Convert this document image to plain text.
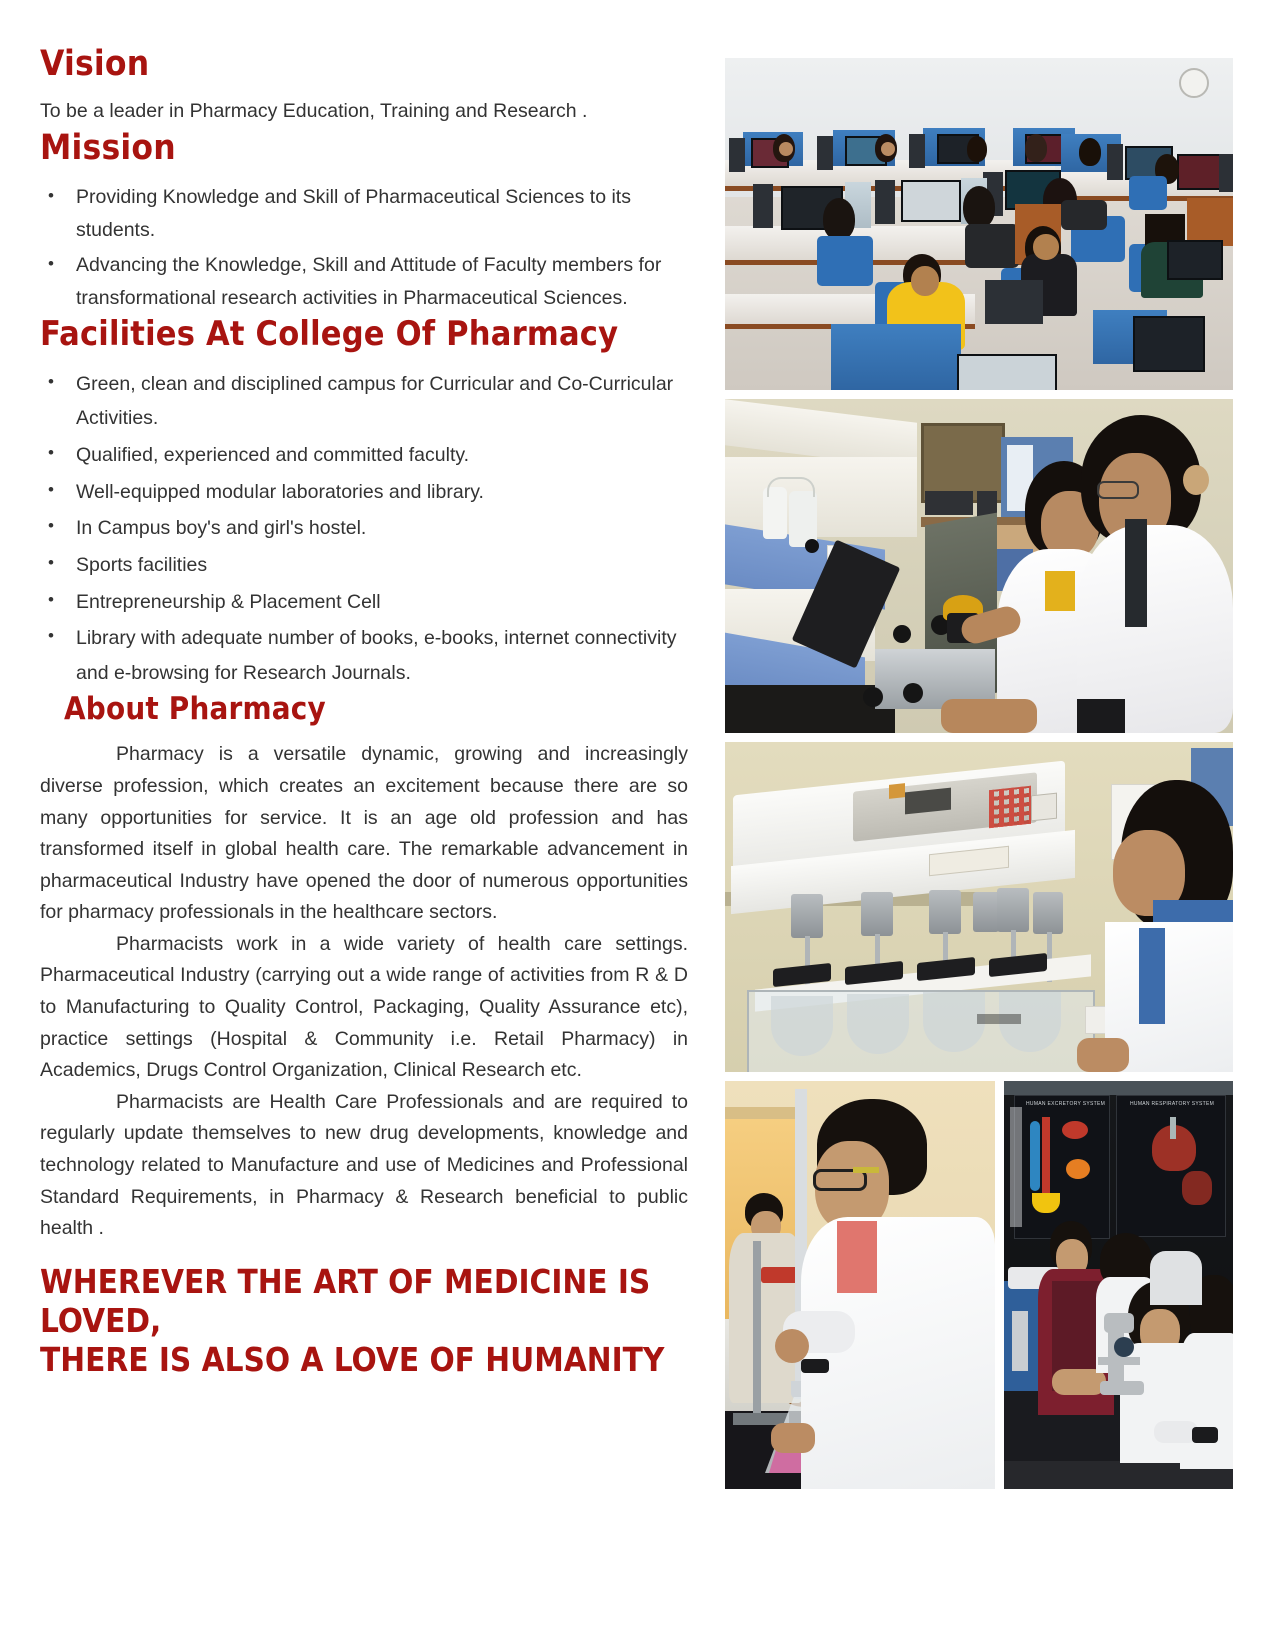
Vision

To be a leader in Pharmacy Education, Training and Research .

Mission
• Providing Knowledge and Skill of Pharmaceutical Sciences to its students.
• Advancing the Knowledge, Skill and Attitude of Faculty members for transformational research activities in Pharmaceutical Sciences.
Facilities At College Of Pharmacy
• Green, clean and disciplined campus for Curricular and Co-Curricular Activities.
• Qualified, experienced and committed faculty.
• Well-equipped modular laboratories and library.
• In Campus boy's and girl's hostel.
• Sports facilities
• Entrepreneurship & Placement Cell
• Library with adequate number of books, e-books, internet connectivity and e-browsing for Research Journals.
About Pharmacy

Pharmacy is a versatile dynamic, growing and increasingly diverse profession, which creates an excitement because there are so many opportunities for service. It is an age old profession and has transformed itself in global health care. The remarkable advancement in pharmaceutical Industry have opened the door of numerous opportunities for pharmacy professionals in the healthcare sectors.

Pharmacists work in a wide variety of health care settings. Pharmaceutical Industry (carrying out a wide range of activities from R & D to Manufacturing to Quality Control, Packaging, Quality Assurance etc), practice settings (Hospital & Community i.e. Retail Pharmacy) in Academics, Drugs Control Organization, Clinical Research etc.

Pharmacists are Health Care Professionals and are required to regularly update themselves to new drug developments, knowledge and technology related to Manufacture and use of Medicines and Professional Standard Requirements, in Pharmacy & Research beneficial to public health .

WHEREVER THE ART OF MEDICINE IS LOVED,
THERE IS ALSO A LOVE OF HUMANITY
HUMAN EXCRETORY SYSTEM	HUMAN RESPIRATORY SYSTEM
